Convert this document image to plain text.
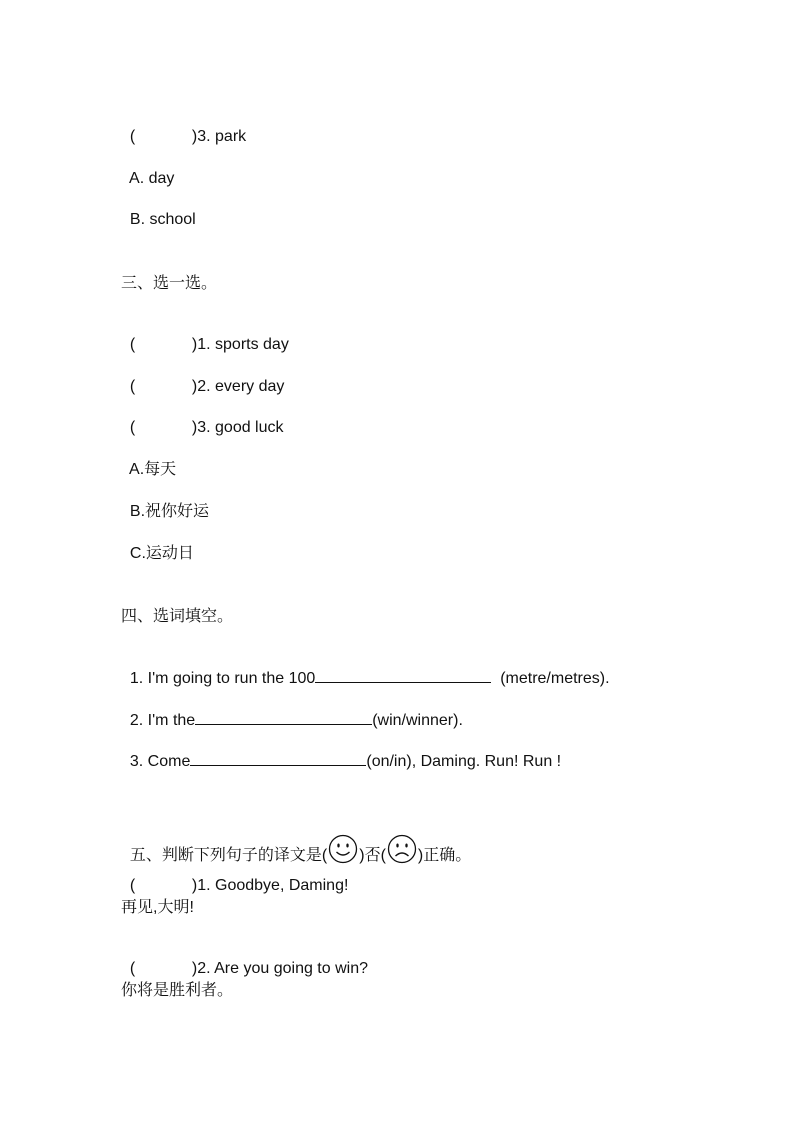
(	)3. park

A. day

B. school

三、选一选。

(	)1. sports day

(	)2. every day

(	)3. good luck

A.每天

B.祝你好运

C.运动日

四、选词填空。

1. I'm going to run the 100	(metre/metres).

2. I'm the	(win/winner).

3. Come	(on/in), Daming. Run! Run !

五、判断下列句子的译文是( )否( )正确。

(	)1. Goodbye, Daming!

再见,大明!

(	)2. Are you going to win?

你将是胜利者。
